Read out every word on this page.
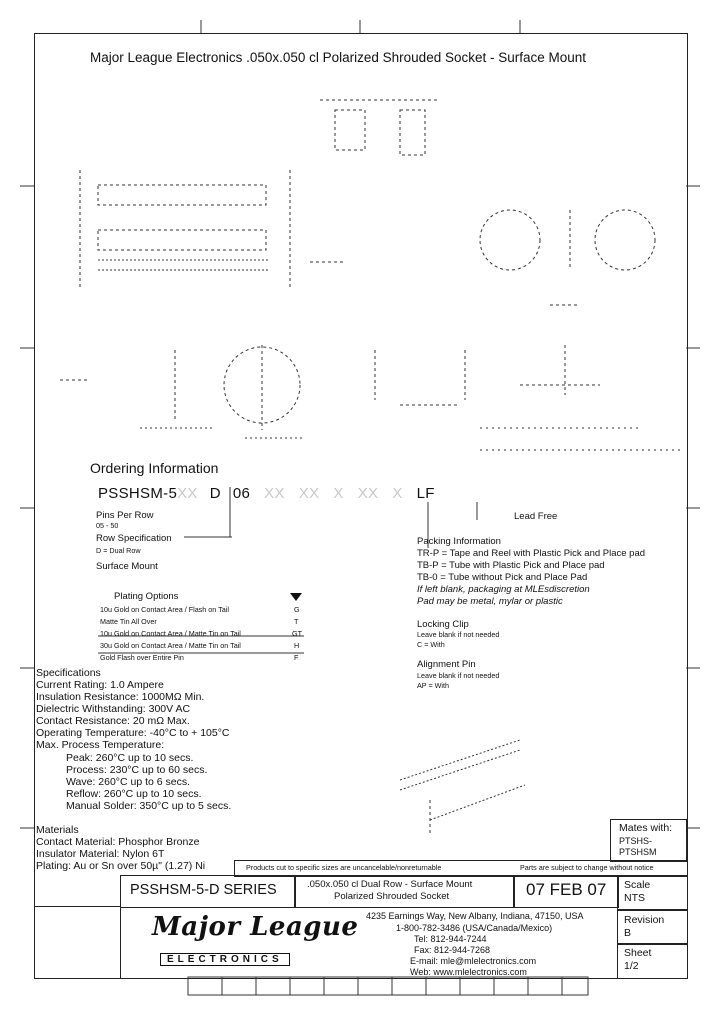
Major League Electronics .050x.050 cl Polarized Shrouded Socket - Surface Mount
Ordering Information
PSSHSM-5XX D 06 XX XX X XX X LF
Lead Free
Pins Per Row
05 - 50
Row Specification
D = Dual Row
Surface Mount
Plating Options
10u Gold on Contact Area / Flash on Tail	G
Matte Tin All Over	T
10u Gold on Contact Area / Matte Tin on Tail	GT
30u Gold on Contact Area / Matte Tin on Tail	H
Gold Flash over Entire Pin	F
Packing Information
TR-P = Tape and Reel with Plastic Pick and Place pad
TB-P = Tube with Plastic Pick and Place pad
TB-0 = Tube without Pick and Place Pad
If left blank, packaging at MLEsdiscretion
Pad may be metal, mylar or plastic
Locking Clip
Leave blank if not needed
C = With
Alignment Pin
Leave blank if not needed
AP = With
Specifications
Current Rating: 1.0 Ampere
Insulation Resistance: 1000MΩ Min.
Dielectric Withstanding: 300V AC
Contact Resistance: 20 mΩ Max.
Operating Temperature: -40°C to + 105°C
Max. Process Temperature:
Peak: 260°C up to 10 secs.
Process: 230°C up to 60 secs.
Wave: 260°C up to 6 secs.
Reflow: 260°C up to 10 secs.
Manual Solder: 350°C up to 5 secs.
Materials
Contact Material: Phosphor Bronze
Insulator Material: Nylon 6T
Plating: Au or Sn over 50µ" (1.27) Ni
Mates with:
PTSHS-
PTSHSM
Products cut to specific sizes are uncancelable/nonreturnable	Parts are subject to change without notice
PSSHSM-5-D SERIES	.050x.050 cl Dual Row - Surface Mount
Polarized Shrouded Socket	07 FEB 07 Scale
NTS
Revision
B
Sheet
1/2
Major League
ELECTRONICS
4235 Earnings Way, New Albany, Indiana, 47150, USA
1-800-782-3486 (USA/Canada/Mexico)
Tel: 812-944-7244
Fax: 812-944-7268
E-mail: mle@mlelectronics.com
Web: www.mlelectronics.com
